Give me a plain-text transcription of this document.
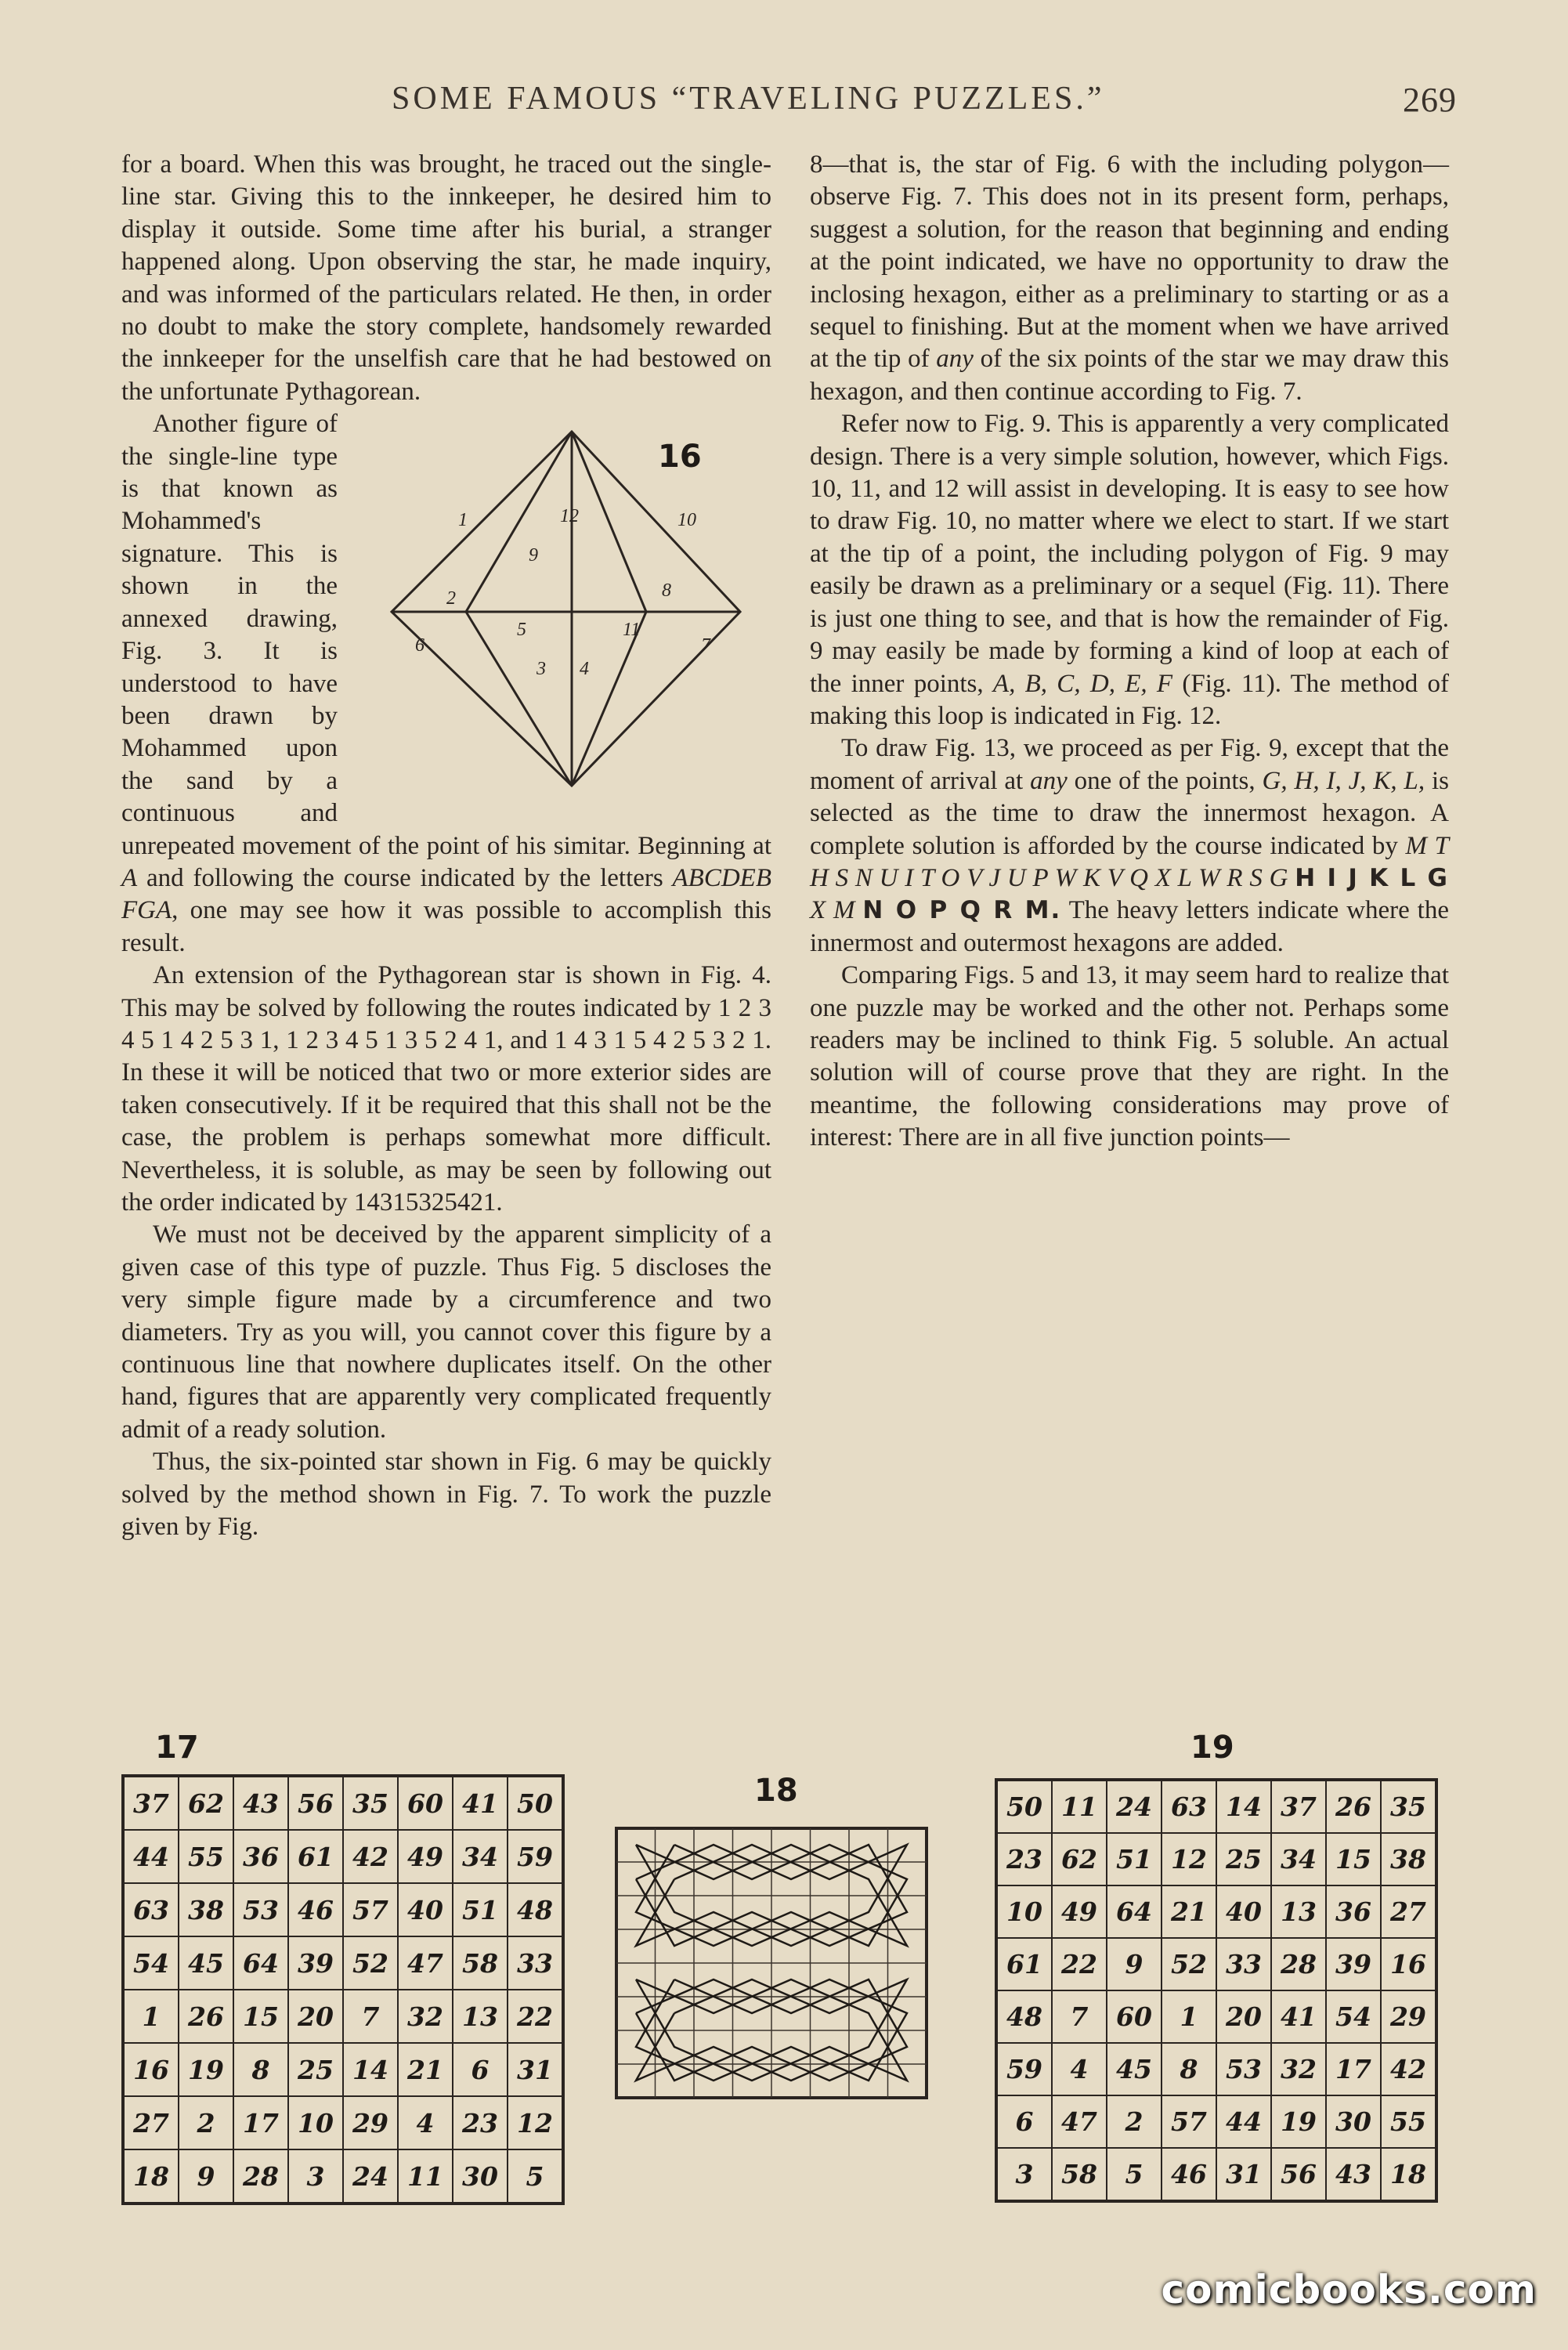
SOME FAMOUS “TRAVELING PUZZLES.”	269

for a board. When this was brought, he traced out the single-line star. Giving this to the innkeeper, he desired him to display it outside. Some time after his burial, a stranger happened along. Upon observing the star, he made inquiry, and was informed of the particulars related. He then, in order no doubt to make the story complete, handsomely rewarded the innkeeper for the unselfish care that he had bestowed on the unfortunate Pythagorean.

1
2
3 4
5
6	7
8
9
10
11
12
16
Another figure of the single-line type is that known as Mohammed's signature. This is shown in the annexed drawing, Fig. 3. It is understood to have been drawn by Mohammed upon the sand by a continuous and unrepeated movement of the point of his simitar. Beginning at A and following the course indicated by the letters ABCDEB FGA, one may see how it was possible to accomplish this result.

An extension of the Pythagorean star is shown in Fig. 4. This may be solved by following the routes indicated by 1 2 3 4 5 1 4 2 5 3 1, 1 2 3 4 5 1 3 5 2 4 1, and 1 4 3 1 5 4 2 5 3 2 1. In these it will be noticed that two or more exterior sides are taken consecutively. If it be required that this shall not be the case, the problem is perhaps somewhat more difficult. Nevertheless, it is soluble, as may be seen by following out the order indicated by 14315325421.

We must not be deceived by the apparent simplicity of a given case of this type of puzzle. Thus Fig. 5 discloses the very simple figure made by a circumference and two diameters. Try as you will, you cannot cover this figure by a continuous line that nowhere duplicates itself. On the other hand, figures that are apparently very complicated frequently admit of a ready solution.

Thus, the six-pointed star shown in Fig. 6 may be quickly solved by the method shown in Fig. 7. To work the puzzle given by Fig.

8—that is, the star of Fig. 6 with the including polygon—observe Fig. 7. This does not in its present form, perhaps, suggest a solution, for the reason that beginning and ending at the point indicated, we have no opportunity to draw the inclosing hexagon, either as a preliminary to starting or as a sequel to finishing. But at the moment when we have arrived at the tip of any of the six points of the star we may draw this hexagon, and then continue according to Fig. 7.

Refer now to Fig. 9. This is apparently a very complicated design. There is a very simple solution, however, which Figs. 10, 11, and 12 will assist in developing. It is easy to see how to draw Fig. 10, no matter where we elect to start. If we start at the tip of a point, the including polygon of Fig. 9 may easily be drawn as a preliminary or a sequel (Fig. 11). There is just one thing to see, and that is how the remainder of Fig. 9 may easily be made by forming a kind of loop at each of the inner points, A, B, C, D, E, F (Fig. 11). The method of making this loop is indicated in Fig. 12.

To draw Fig. 13, we proceed as per Fig. 9, except that the moment of arrival at any one of the points, G, H, I, J, K, L, is selected as the time to draw the innermost hexagon. A complete solution is afforded by the course indicated by M T H S N U I T O V J U P W K V Q X L W R S G H I J K L G X M N O P Q R M. The heavy letters indicate where the innermost and outermost hexagons are added.

Comparing Figs. 5 and 13, it may seem hard to realize that one puzzle may be worked and the other not. Perhaps some readers may be inclined to think Fig. 5 soluble. An actual solution will of course prove that they are right. In the meantime, the following considerations may prove of interest: There are in all five junction points—

17
37	62	43	56	35	60	41	50
44	55	36	61	42	49	34	59
63	38	53	46	57	40	51	48
54	45	64	39	52	47	58	33
1	26	15	20	7	32	13	22
16	19	8	25	14	21	6	31
27	2	17	10	29	4	23	12
18	9	28	3	24	11	30	5
18
19
50	11	24	63	14	37	26	35
23	62	51	12	25	34	15	38
10	49	64	21	40	13	36	27
61	22	9	52	33	28	39	16
48	7	60	1	20	41	54	29
59	4	45	8	53	32	17	42
6	47	2	57	44	19	30	55
3	58	5	46	31	56	43	18
comicbooks.com
